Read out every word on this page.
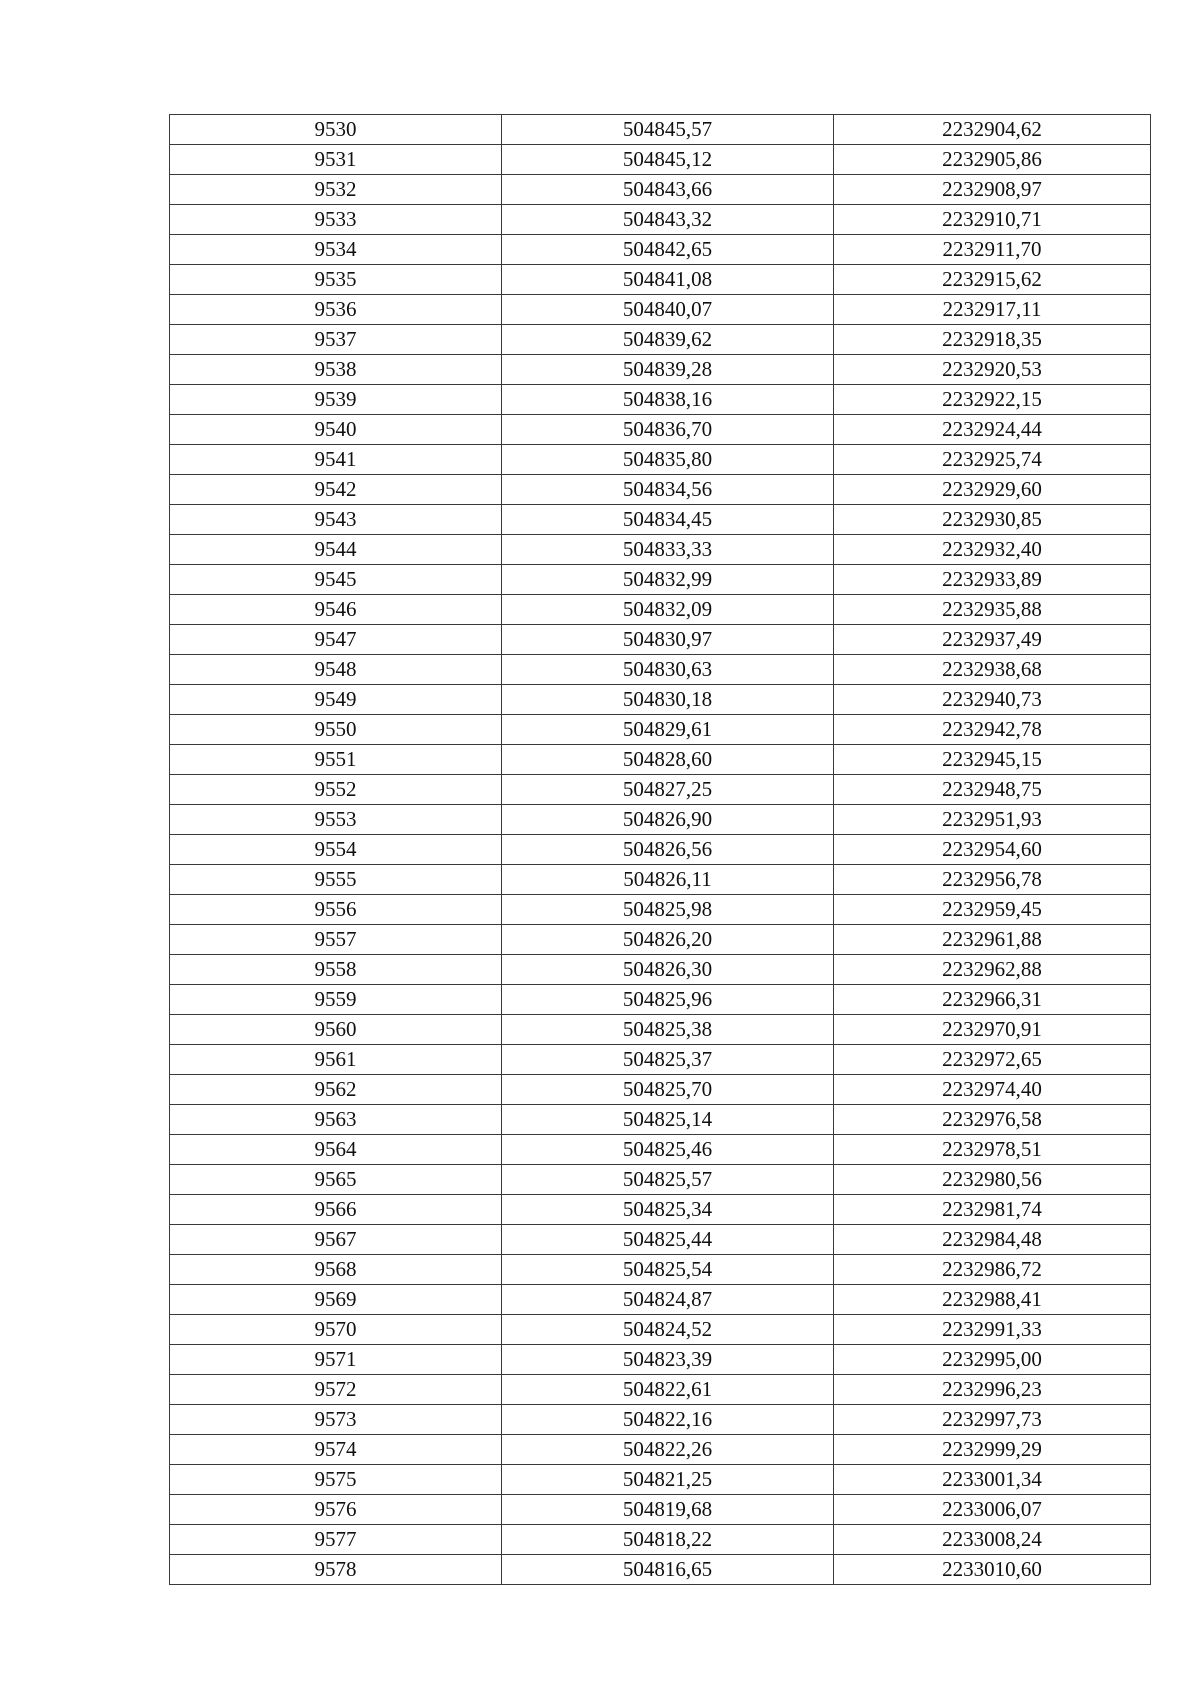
9530	504845,57	2232904,62
9531	504845,12	2232905,86
9532	504843,66	2232908,97
9533	504843,32	2232910,71
9534	504842,65	2232911,70
9535	504841,08	2232915,62
9536	504840,07	2232917,11
9537	504839,62	2232918,35
9538	504839,28	2232920,53
9539	504838,16	2232922,15
9540	504836,70	2232924,44
9541	504835,80	2232925,74
9542	504834,56	2232929,60
9543	504834,45	2232930,85
9544	504833,33	2232932,40
9545	504832,99	2232933,89
9546	504832,09	2232935,88
9547	504830,97	2232937,49
9548	504830,63	2232938,68
9549	504830,18	2232940,73
9550	504829,61	2232942,78
9551	504828,60	2232945,15
9552	504827,25	2232948,75
9553	504826,90	2232951,93
9554	504826,56	2232954,60
9555	504826,11	2232956,78
9556	504825,98	2232959,45
9557	504826,20	2232961,88
9558	504826,30	2232962,88
9559	504825,96	2232966,31
9560	504825,38	2232970,91
9561	504825,37	2232972,65
9562	504825,70	2232974,40
9563	504825,14	2232976,58
9564	504825,46	2232978,51
9565	504825,57	2232980,56
9566	504825,34	2232981,74
9567	504825,44	2232984,48
9568	504825,54	2232986,72
9569	504824,87	2232988,41
9570	504824,52	2232991,33
9571	504823,39	2232995,00
9572	504822,61	2232996,23
9573	504822,16	2232997,73
9574	504822,26	2232999,29
9575	504821,25	2233001,34
9576	504819,68	2233006,07
9577	504818,22	2233008,24
9578	504816,65	2233010,60
